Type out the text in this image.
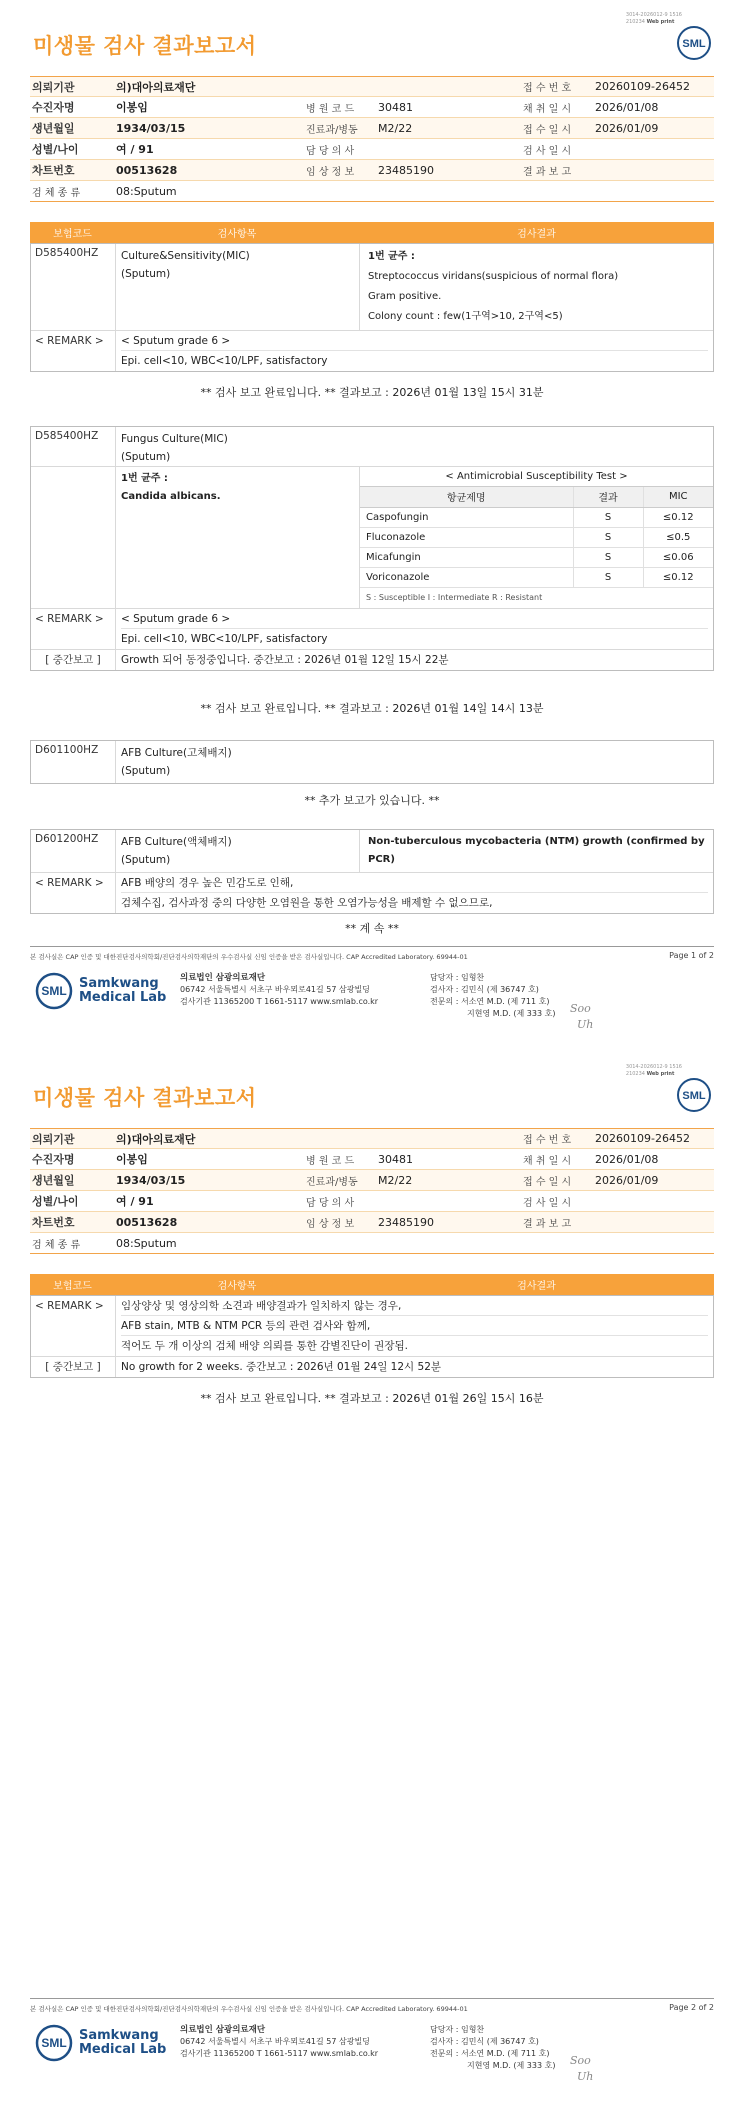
3014-2026012-9 1516
210234 Web print
미생물 검사 결과보고서	SML
의뢰기관	의)대아의료재단	접 수 번 호	20260109-26452
수진자명	이봉임	병 원 코 드	30481	채 취 일 시	2026/01/08
생년월일	1934/03/15	진료과/병동	M2/22	접 수 일 시	2026/01/09
성별/나이	여 / 91	담 당 의 사	검 사 일 시
차트번호	00513628	임 상 정 보	23485190	결 과 보 고
검 체 종 류	08:Sputum
보험코드	검사항목	검사결과
D585400HZ	Culture&Sensitivity(MIC)
(Sputum)
1번 균주 :
Streptococcus viridans(suspicious of normal flora)
Gram positive.
Colony count : few(1구역>10, 2구역<5)
< REMARK >	< Sputum grade 6 >
Epi. cell<10, WBC<10/LPF, satisfactory
** 검사 보고 완료입니다. ** 결과보고 : 2026년 01월 13일 15시 31분
D585400HZ	Fungus Culture(MIC)
(Sputum)
1번 균주 :
Candida albicans.
< Antimicrobial Susceptibility Test >
항균제명	결과	MIC
Caspofungin	S	≤0.12
Fluconazole	S	≤0.5
Micafungin	S	≤0.06
Voriconazole	S	≤0.12
S : Susceptible I : Intermediate R : Resistant
< REMARK >	< Sputum grade 6 >
Epi. cell<10, WBC<10/LPF, satisfactory
[ 중간보고 ]	Growth 되어 동정중입니다. 중간보고 : 2026년 01월 12일 15시 22분
** 검사 보고 완료입니다. ** 결과보고 : 2026년 01월 14일 14시 13분
D601100HZ	AFB Culture(고체배지)
(Sputum)
** 추가 보고가 있습니다. **
D601200HZ	AFB Culture(액체배지)
(Sputum)
Non-tuberculous mycobacteria (NTM) growth (confirmed by
PCR)
< REMARK >	AFB 배양의 경우 높은 민감도로 인해,
검체수집, 검사과정 중의 다양한 오염원을 통한 오염가능성을 배제할 수 없으므로,
** 계 속 **
본 검사실은 CAP 인증 및 대한진단검사의학회/진단검사의학재단의 우수검사실 신임 인증을 받은 검사실입니다. CAP Accredited Laboratory. 69944-01	Page 1 of 2
SML Samkwang
Medical Lab
의료법인 삼광의료재단
06742 서울특별시 서초구 바우뫼로41길 57 삼광빌딩
검사기관 11365200 T 1661-5117 www.smlab.co.kr
담당자 : 임형찬
검사자 : 김민식 (제 36747 호)
전문의 : 서소연 M.D. (제 711 호)
지현영 M.D. (제 333 호) Soo
Uh
3014-2026012-9 1516
210234 Web print
미생물 검사 결과보고서	SML
의뢰기관	의)대아의료재단	접 수 번 호	20260109-26452
수진자명	이봉임	병 원 코 드	30481	채 취 일 시	2026/01/08
생년월일	1934/03/15	진료과/병동	M2/22	접 수 일 시	2026/01/09
성별/나이	여 / 91	담 당 의 사	검 사 일 시
차트번호	00513628	임 상 정 보	23485190	결 과 보 고
검 체 종 류	08:Sputum
보험코드	검사항목	검사결과
< REMARK >	임상양상 및 영상의학 소견과 배양결과가 일치하지 않는 경우,
AFB stain, MTB & NTM PCR 등의 관련 검사와 함께,
적어도 두 개 이상의 검체 배양 의뢰를 통한 감별진단이 권장됨.
[ 중간보고 ]	No growth for 2 weeks. 중간보고 : 2026년 01월 24일 12시 52분
** 검사 보고 완료입니다. ** 결과보고 : 2026년 01월 26일 15시 16분
본 검사실은 CAP 인증 및 대한진단검사의학회/진단검사의학재단의 우수검사실 신임 인증을 받은 검사실입니다. CAP Accredited Laboratory. 69944-01	Page 2 of 2
SML Samkwang
Medical Lab
의료법인 삼광의료재단
06742 서울특별시 서초구 바우뫼로41길 57 삼광빌딩
검사기관 11365200 T 1661-5117 www.smlab.co.kr
담당자 : 임형찬
검사자 : 김민식 (제 36747 호)
전문의 : 서소연 M.D. (제 711 호)
지현영 M.D. (제 333 호) Soo
Uh
